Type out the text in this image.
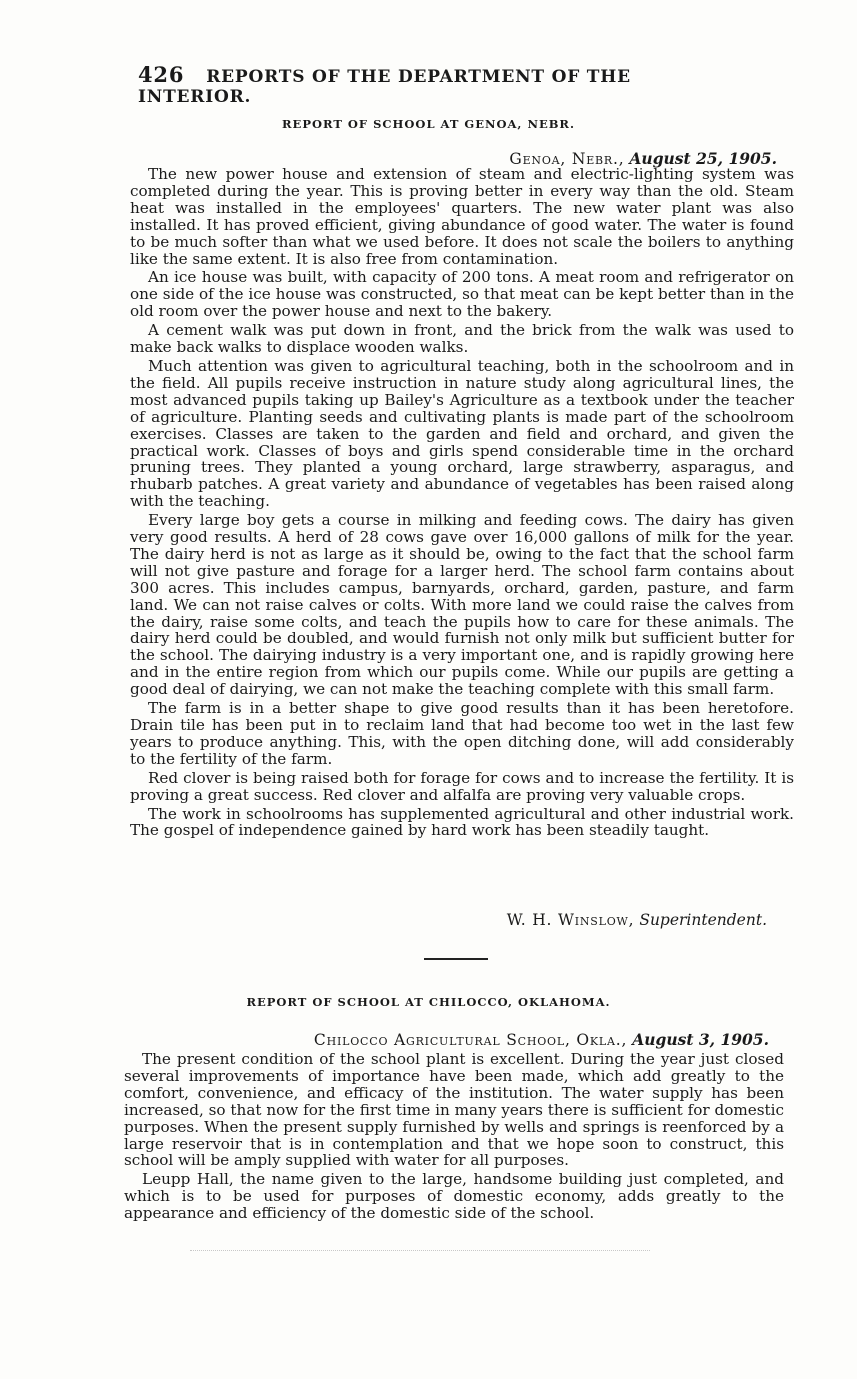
426 REPORTS OF THE DEPARTMENT OF THE INTERIOR.
REPORT OF SCHOOL AT GENOA, NEBR.
Genoa, Nebr., August 25, 1905.

The new power house and extension of steam and electric-lighting system was completed during the year. This is proving better in every way than the old. Steam heat was installed in the employees' quarters. The new water plant was also installed. It has proved efficient, giving abundance of good water. The water is found to be much softer than what we used before. It does not scale the boilers to anything like the same extent. It is also free from contamination.

An ice house was built, with capacity of 200 tons. A meat room and refrigerator on one side of the ice house was constructed, so that meat can be kept better than in the old room over the power house and next to the bakery.

A cement walk was put down in front, and the brick from the walk was used to make back walks to displace wooden walks.

Much attention was given to agricultural teaching, both in the schoolroom and in the field. All pupils receive instruction in nature study along agricultural lines, the most advanced pupils taking up Bailey's Agriculture as a textbook under the teacher of agriculture. Planting seeds and cultivating plants is made part of the schoolroom exercises. Classes are taken to the garden and field and orchard, and given the practical work. Classes of boys and girls spend considerable time in the orchard pruning trees. They planted a young orchard, large strawberry, asparagus, and rhubarb patches. A great variety and abundance of vegetables has been raised along with the teaching.

Every large boy gets a course in milking and feeding cows. The dairy has given very good results. A herd of 28 cows gave over 16,000 gallons of milk for the year. The dairy herd is not as large as it should be, owing to the fact that the school farm will not give pasture and forage for a larger herd. The school farm contains about 300 acres. This includes campus, barnyards, orchard, garden, pasture, and farm land. We can not raise calves or colts. With more land we could raise the calves from the dairy, raise some colts, and teach the pupils how to care for these animals. The dairy herd could be doubled, and would furnish not only milk but sufficient butter for the school. The dairying industry is a very important one, and is rapidly growing here and in the entire region from which our pupils come. While our pupils are getting a good deal of dairying, we can not make the teaching complete with this small farm.

The farm is in a better shape to give good results than it has been heretofore. Drain tile has been put in to reclaim land that had become too wet in the last few years to produce anything. This, with the open ditching done, will add considerably to the fertility of the farm.

Red clover is being raised both for forage for cows and to increase the fertility. It is proving a great success. Red clover and alfalfa are proving very valuable crops.

The work in schoolrooms has supplemented agricultural and other industrial work. The gospel of independence gained by hard work has been steadily taught.

W. H. Winslow, Superintendent.
REPORT OF SCHOOL AT CHILOCCO, OKLAHOMA.
Chilocco Agricultural School, Okla., August 3, 1905.

The present condition of the school plant is excellent. During the year just closed several improvements of importance have been made, which add greatly to the comfort, convenience, and efficacy of the institution. The water supply has been increased, so that now for the first time in many years there is sufficient for domestic purposes. When the present supply furnished by wells and springs is reenforced by a large reservoir that is in contemplation and that we hope soon to construct, this school will be amply supplied with water for all purposes.

Leupp Hall, the name given to the large, handsome building just completed, and which is to be used for purposes of domestic economy, adds greatly to the appearance and efficiency of the domestic side of the school.
